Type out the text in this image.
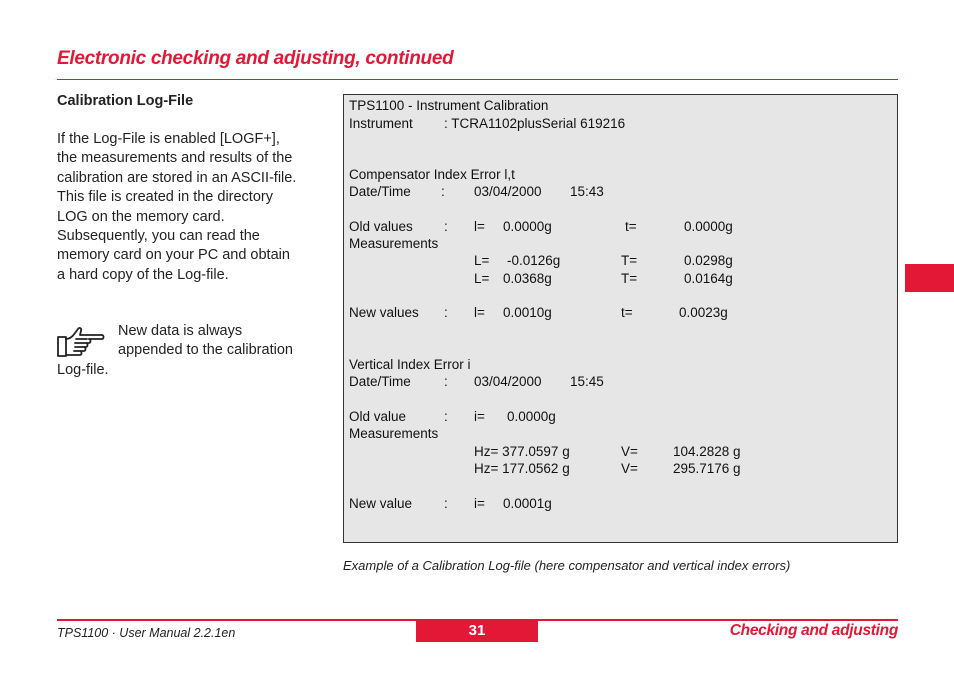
Electronic checking and adjusting, continued
Calibration Log-File
If the Log-File is enabled [LOGF+],
the measurements and results of the
calibration are stored in an ASCII-file.
This file is created in the directory
LOG on the memory card.
Subsequently, you can read the
memory card on your PC and obtain
a hard copy of the Log-file.
New data is always
appended to the calibration
Log-file.
TPS1100 - Instrument Calibration
Instrument : TCRA1102plusSerial 619216
Compensator Index Error l,t
Date/Time : 03/04/2000 15:43
Old values : l= 0.0000g	t=	0.0000g
Measurements
L= -0.0126g	T=	0.0298g
L= 0.0368g	T=	0.0164g
New values : l= 0.0010g	t=	0.0023g
Vertical Index Error i
Date/Time : 03/04/2000 15:45
Old value	: i= 0.0000g
Measurements
Hz= 377.0597 g	V=	104.2828 g
Hz= 177.0562 g	V=	295.7176 g
New value : i= 0.0001g
Example of a Calibration Log-file (here compensator and vertical index errors)
TPS1100 · User Manual 2.2.1en	31	Checking and adjusting
